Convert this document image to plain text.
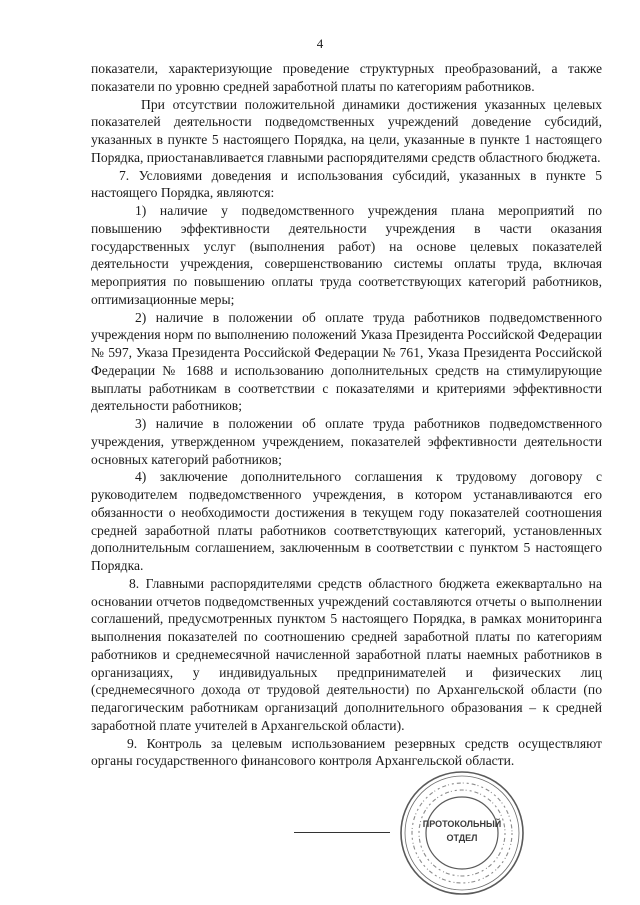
4

показатели, характеризующие проведение структурных преобразований, а также показатели по уровню средней заработной платы по категориям работников.

При отсутствии положительной динамики достижения указанных целевых показателей деятельности подведомственных учреждений доведение субсидий, указанных в пункте 5 настоящего Порядка, на цели, указанные в пункте 1 настоящего Порядка, приостанавливается главными распорядителями средств областного бюджета.

7. Условиями доведения и использования субсидий, указанных в пункте 5 настоящего Порядка, являются:

1) наличие у подведомственного учреждения плана мероприятий по повышению эффективности деятельности учреждения в части оказания государственных услуг (выполнения работ) на основе целевых показателей деятельности учреждения, совершенствованию системы оплаты труда, включая мероприятия по повышению оплаты труда соответствующих категорий работников, оптимизационные меры;

2) наличие в положении об оплате труда работников подведомственного учреждения норм по выполнению положений Указа Президента Российской Федерации № 597, Указа Президента Российской Федерации № 761, Указа Президента Российской Федерации № 1688 и использованию дополнительных средств на стимулирующие выплаты работникам в соответствии с показателями и критериями эффективности деятельности работников;

3) наличие в положении об оплате труда работников подведомственного учреждения, утвержденном учреждением, показателей эффективности деятельности основных категорий работников;

4) заключение дополнительного соглашения к трудовому договору с руководителем подведомственного учреждения, в котором устанавливаются его обязанности о необходимости достижения в текущем году показателей соотношения средней заработной платы работников соответствующих категорий, установленных дополнительным соглашением, заключенным в соответствии с пунктом 5 настоящего Порядка.

8. Главными распорядителями средств областного бюджета ежеквартально на основании отчетов подведомственных учреждений составляются отчеты о выполнении соглашений, предусмотренных пунктом 5 настоящего Порядка, в рамках мониторинга выполнения показателей по соотношению средней заработной платы по категориям работников и среднемесячной начисленной заработной платы наемных работников в организациях, у индивидуальных предпринимателей и физических лиц (среднемесячного дохода от трудовой деятельности) по Архангельской области (по педагогическим работникам организаций дополнительного образования – к средней заработной плате учителей в Архангельской области).

9. Контроль за целевым использованием резервных средств осуществляют органы государственного финансового контроля Архангельской области.

ПРОТОКОЛЬНЫЙ
ОТДЕЛ
